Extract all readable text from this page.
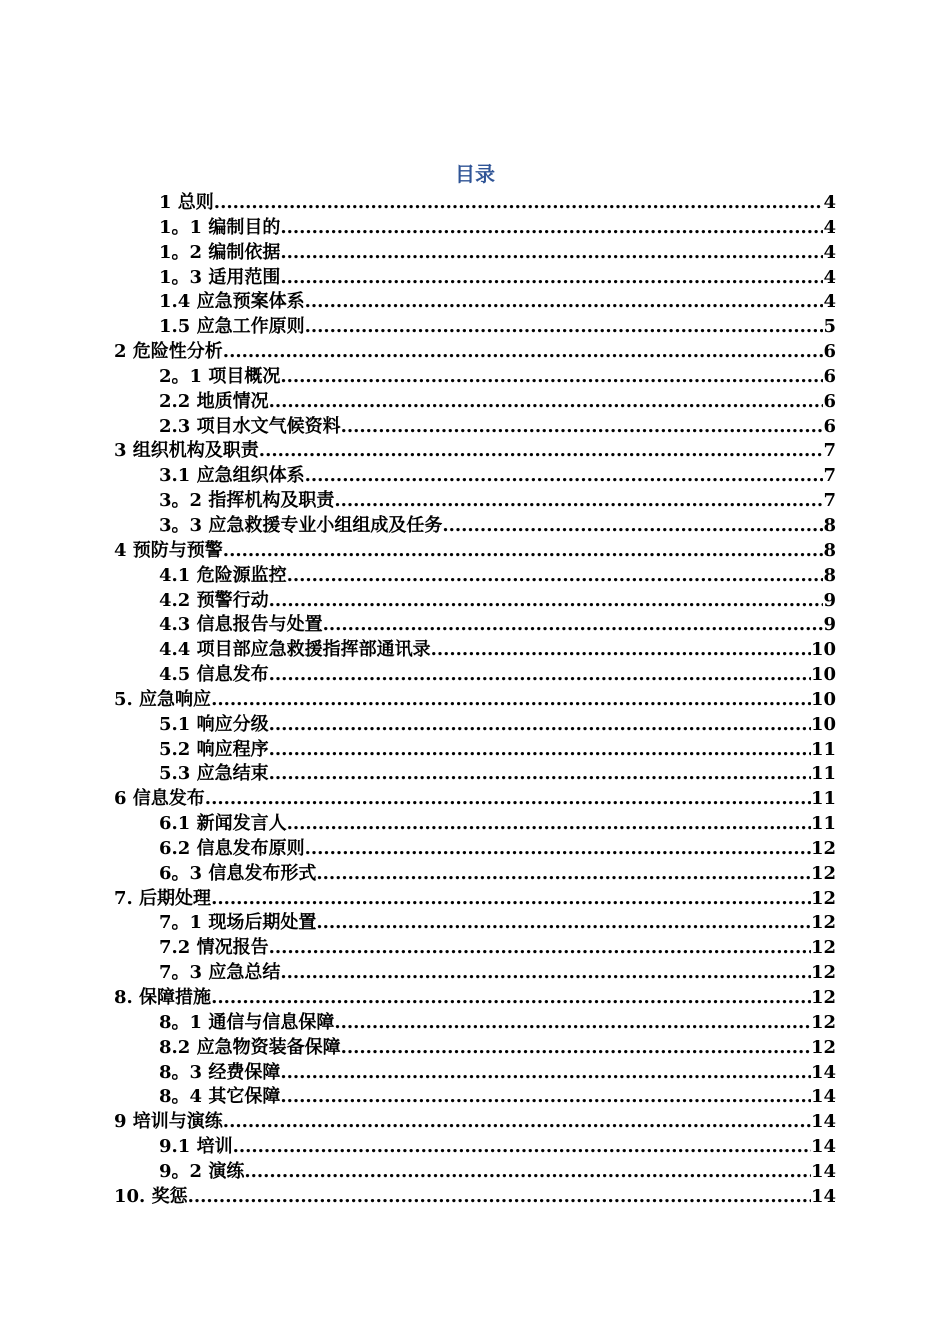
目录
1 总则 .....	4
1。1 编制目的 .....	4
1。2 编制依据 .....	4
1。3 适用范围 .....	4
1.4 应急预案体系 .....	4
1.5 应急工作原则 .....	5
2 危险性分析 .....	6
2。1 项目概况 .....	6
2.2 地质情况 .....	6
2.3 项目水文气候资料 .....	6
3 组织机构及职责 .....	7
3.1 应急组织体系 .....	7
3。2 指挥机构及职责 .....	7
3。3 应急救援专业小组组成及任务 .....	8
4 预防与预警 .....	8
4.1 危险源监控 .....	8
4.2 预警行动 .....	9
4.3 信息报告与处置 .....	9
4.4 项目部应急救援指挥部通讯录 .....	10
4.5 信息发布 .....	10
5. 应急响应 .....	10
5.1 响应分级 .....	10
5.2 响应程序 .....	11
5.3 应急结束 .....	11
6 信息发布 .....	11
6.1 新闻发言人 .....	11
6.2 信息发布原则 .....	12
6。3 信息发布形式 .....	12
7. 后期处理 .....	12
7。1 现场后期处置 .....	12
7.2 情况报告 .....	12
7。3 应急总结 .....	12
8. 保障措施 .....	12
8。1 通信与信息保障 .....	12
8.2 应急物资装备保障 .....	12
8。3 经费保障 .....	14
8。4 其它保障 .....	14
9 培训与演练 .....	14
9.1 培训 .....	14
9。2 演练 .....	14
10. 奖惩 .....	14
